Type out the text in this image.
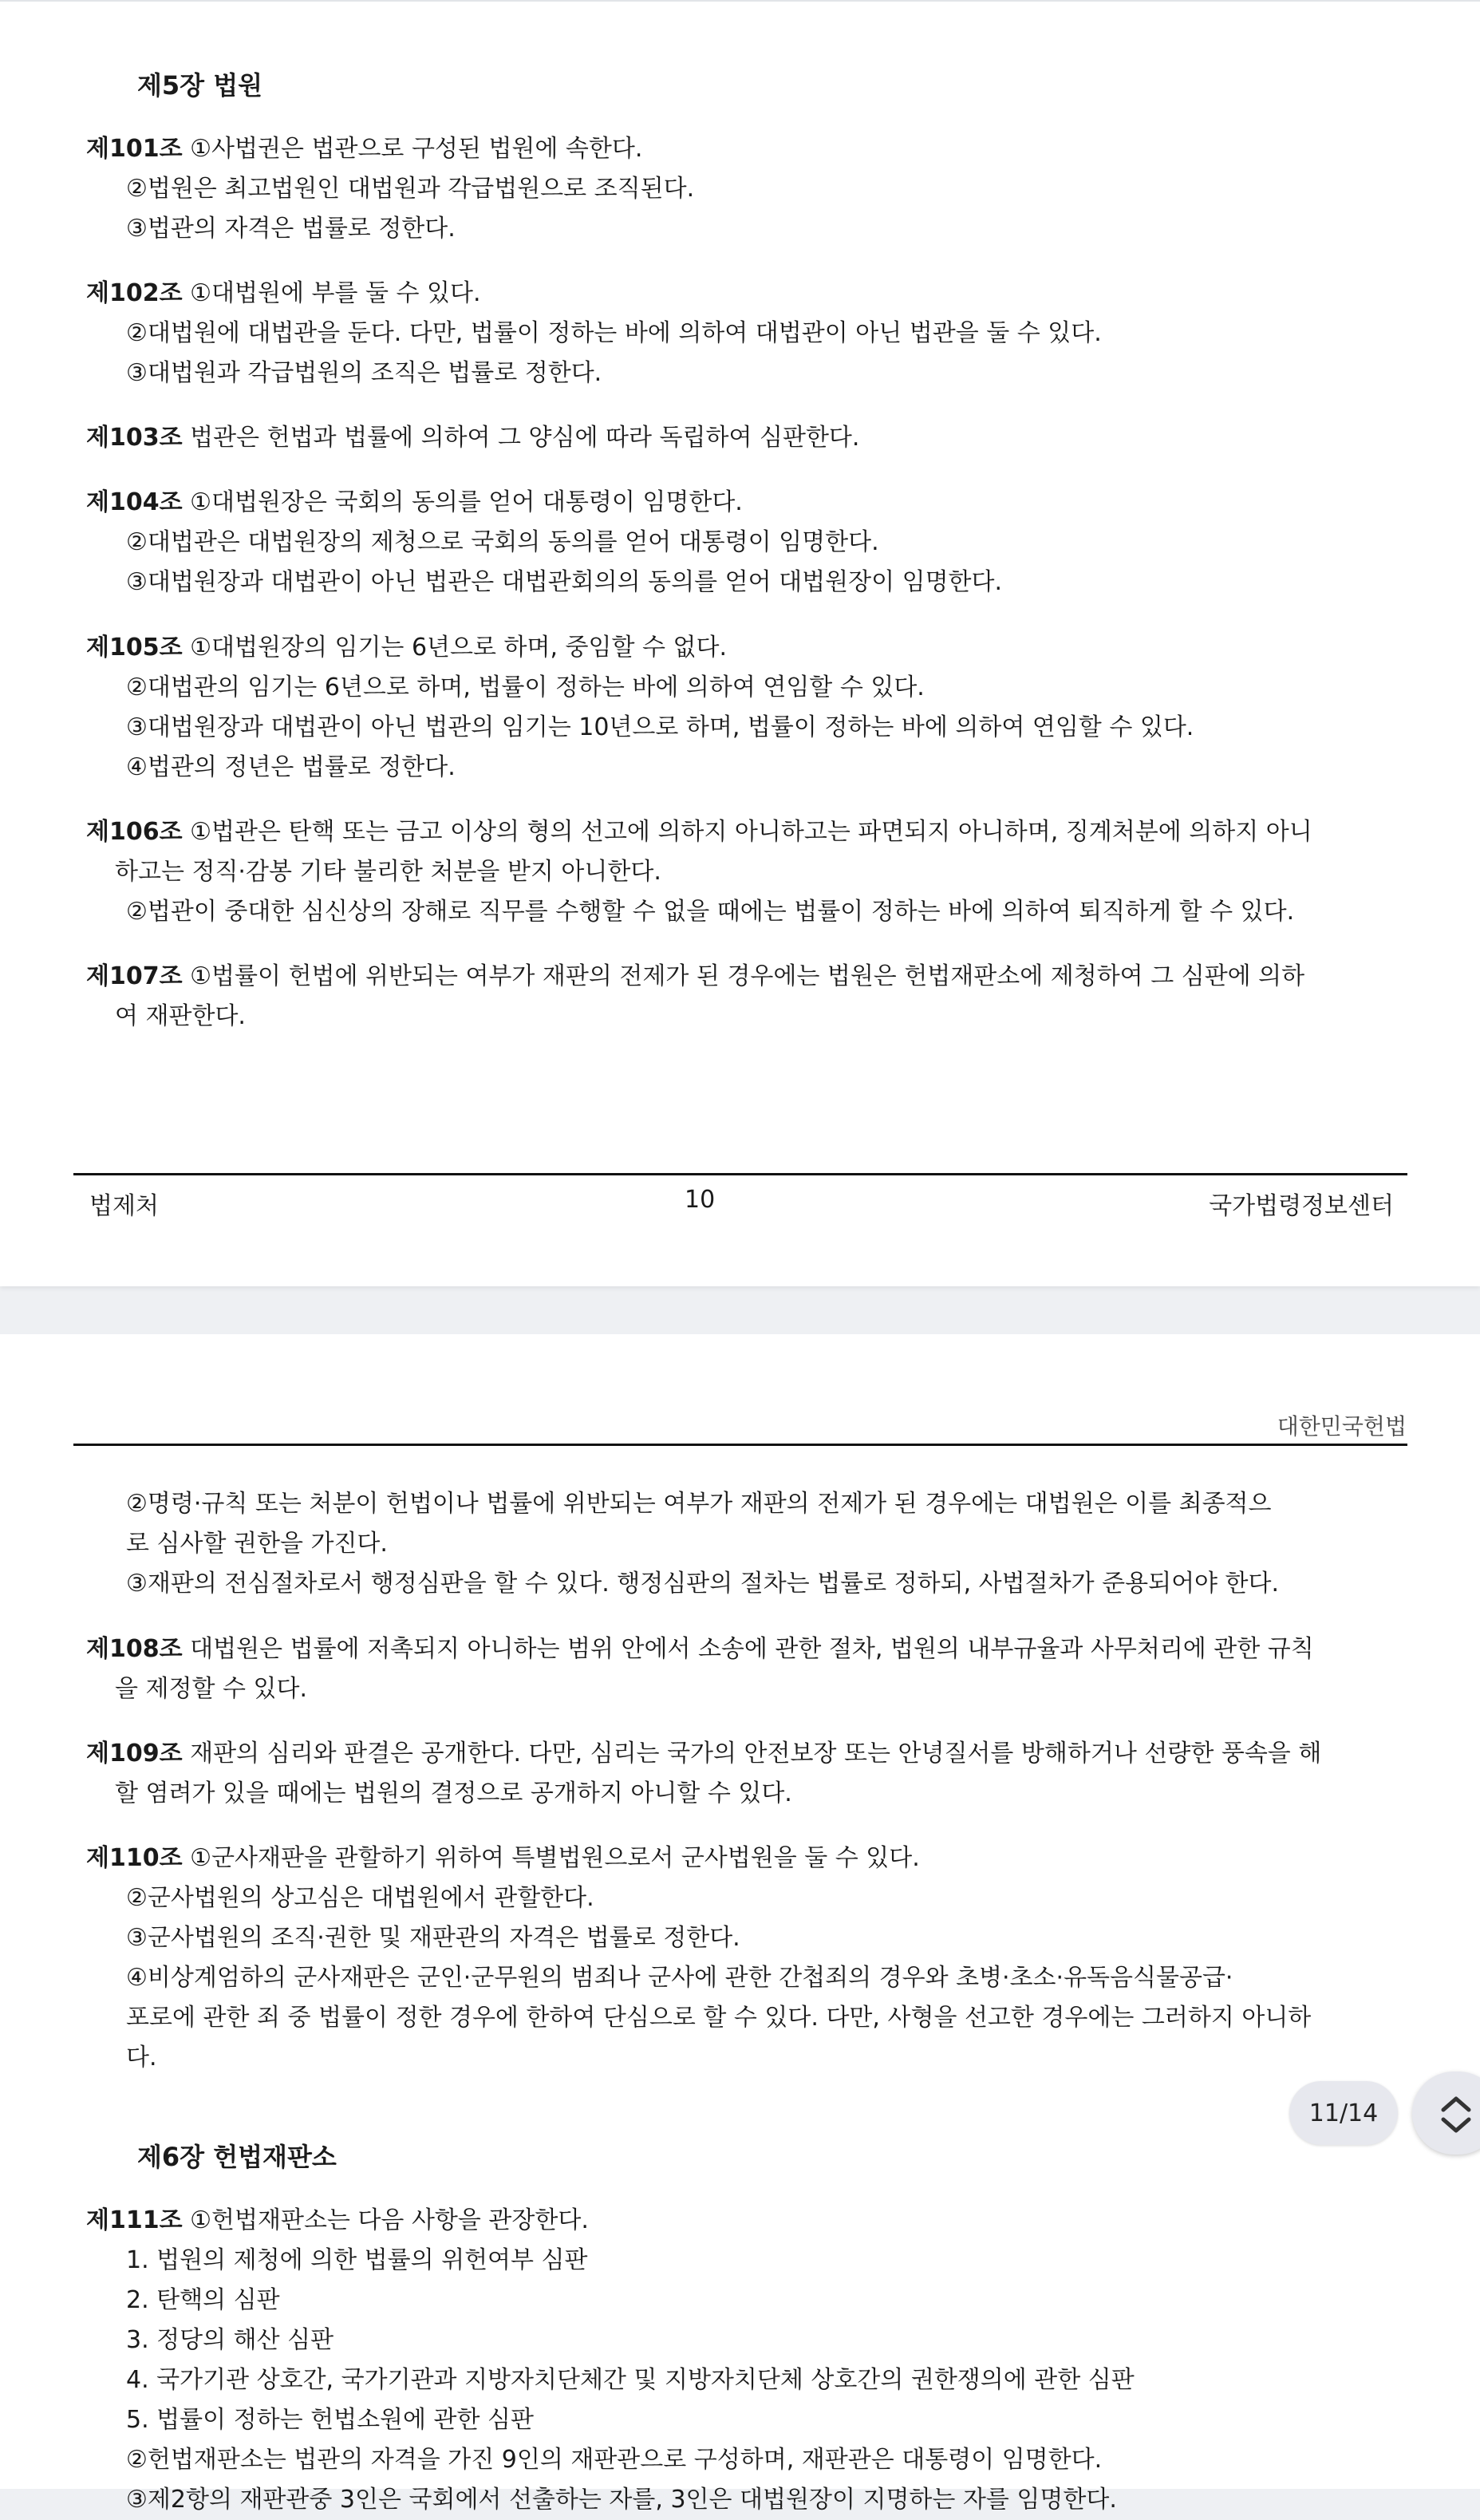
제5장 법원
제101조 ①사법권은 법관으로 구성된 법원에 속한다.
②법원은 최고법원인 대법원과 각급법원으로 조직된다.
③법관의 자격은 법률로 정한다.
제102조 ①대법원에 부를 둘 수 있다.
②대법원에 대법관을 둔다. 다만, 법률이 정하는 바에 의하여 대법관이 아닌 법관을 둘 수 있다.
③대법원과 각급법원의 조직은 법률로 정한다.
제103조 법관은 헌법과 법률에 의하여 그 양심에 따라 독립하여 심판한다.
제104조 ①대법원장은 국회의 동의를 얻어 대통령이 임명한다.
②대법관은 대법원장의 제청으로 국회의 동의를 얻어 대통령이 임명한다.
③대법원장과 대법관이 아닌 법관은 대법관회의의 동의를 얻어 대법원장이 임명한다.
제105조 ①대법원장의 임기는 6년으로 하며, 중임할 수 없다.
②대법관의 임기는 6년으로 하며, 법률이 정하는 바에 의하여 연임할 수 있다.
③대법원장과 대법관이 아닌 법관의 임기는 10년으로 하며, 법률이 정하는 바에 의하여 연임할 수 있다.
④법관의 정년은 법률로 정한다.
제106조 ①법관은 탄핵 또는 금고 이상의 형의 선고에 의하지 아니하고는 파면되지 아니하며, 징계처분에 의하지 아니
하고는 정직·감봉 기타 불리한 처분을 받지 아니한다.
②법관이 중대한 심신상의 장해로 직무를 수행할 수 없을 때에는 법률이 정하는 바에 의하여 퇴직하게 할 수 있다.
제107조 ①법률이 헌법에 위반되는 여부가 재판의 전제가 된 경우에는 법원은 헌법재판소에 제청하여 그 심판에 의하
여 재판한다.
법제처	10	국가법령정보센터
대한민국헌법
②명령·규칙 또는 처분이 헌법이나 법률에 위반되는 여부가 재판의 전제가 된 경우에는 대법원은 이를 최종적으
로 심사할 권한을 가진다.
③재판의 전심절차로서 행정심판을 할 수 있다. 행정심판의 절차는 법률로 정하되, 사법절차가 준용되어야 한다.
제108조 대법원은 법률에 저촉되지 아니하는 범위 안에서 소송에 관한 절차, 법원의 내부규율과 사무처리에 관한 규칙
을 제정할 수 있다.
제109조 재판의 심리와 판결은 공개한다. 다만, 심리는 국가의 안전보장 또는 안녕질서를 방해하거나 선량한 풍속을 해
할 염려가 있을 때에는 법원의 결정으로 공개하지 아니할 수 있다.
제110조 ①군사재판을 관할하기 위하여 특별법원으로서 군사법원을 둘 수 있다.
②군사법원의 상고심은 대법원에서 관할한다.
③군사법원의 조직·권한 및 재판관의 자격은 법률로 정한다.
④비상계엄하의 군사재판은 군인·군무원의 범죄나 군사에 관한 간첩죄의 경우와 초병·초소·유독음식물공급·
포로에 관한 죄 중 법률이 정한 경우에 한하여 단심으로 할 수 있다. 다만, 사형을 선고한 경우에는 그러하지 아니하
다.
제6장 헌법재판소
제111조 ①헌법재판소는 다음 사항을 관장한다.
1. 법원의 제청에 의한 법률의 위헌여부 심판
2. 탄핵의 심판
3. 정당의 해산 심판
4. 국가기관 상호간, 국가기관과 지방자치단체간 및 지방자치단체 상호간의 권한쟁의에 관한 심판
5. 법률이 정하는 헌법소원에 관한 심판
②헌법재판소는 법관의 자격을 가진 9인의 재판관으로 구성하며, 재판관은 대통령이 임명한다.
③제2항의 재판관중 3인은 국회에서 선출하는 자를, 3인은 대법원장이 지명하는 자를 임명한다.
11/14
